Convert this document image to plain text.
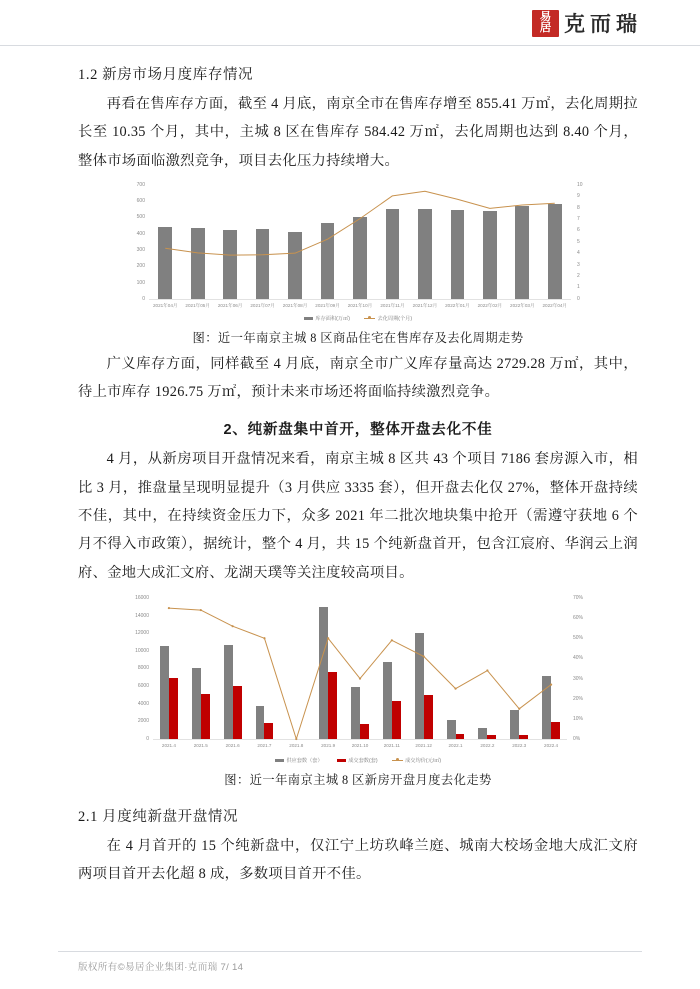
易
居 克而瑞
1.2 新房市场月度库存情况

再看在售库存方面，截至 4 月底，南京全市在售库存增至 855.41 万㎡，去化周期拉长至 10.35 个月，其中，主城 8 区在售库存 584.42 万㎡，去化周期也达到 8.40 个月，整体市场面临激烈竞争，项目去化压力持续增大。

0
100
200
300
400
500
600
700
0
1
2
3
4
5
6
7
8
9
10
2021年04月 2021年05月 2021年06月 2021年07月 2021年08月 2021年09月 2021年10月 2021年11月 2021年12月 2022年01月 2022年02月 2022年03月 2022年04月
库存面积(万㎡)	去化周期(个月)
图：近一年南京主城 8 区商品住宅在售库存及去化周期走势

广义库存方面，同样截至 4 月底，南京全市广义库存量高达 2729.28 万㎡，其中，待上市库存 1926.75 万㎡，预计未来市场还将面临持续激烈竞争。

2、纯新盘集中首开，整体开盘去化不佳

4 月，从新房项目开盘情况来看，南京主城 8 区共 43 个项目 7186 套房源入市，相比 3 月，推盘量呈现明显提升（3 月供应 3335 套），但开盘去化仅 27%，整体开盘持续不佳，其中，在持续资金压力下，众多 2021 年二批次地块集中抢开（需遵守获地 6 个月不得入市政策），据统计，整个 4 月，共 15 个纯新盘首开，包含江宸府、华润云上润府、金地大成汇文府、龙湖天璞等关注度较高项目。

0
2000
4000
6000
8000
10000
12000
14000
16000
0%
10%
20%
30%
40%
50%
60%
70%
2021.4	2021.5	2021.6	2021.7	2021.8	2021.9	2021.10	2021.11	2021.12	2022.1	2022.2	2022.3	2022.4
供应套数（套）	成交套数(套)	成交均价(元/㎡)
图：近一年南京主城 8 区新房开盘月度去化走势
2.1 月度纯新盘开盘情况

在 4 月首开的 15 个纯新盘中，仅江宁上坊玖峰兰庭、城南大校场金地大成汇文府两项目首开去化超 8 成，多数项目首开不佳。

版权所有©易居企业集团·克而瑞 7/ 14
